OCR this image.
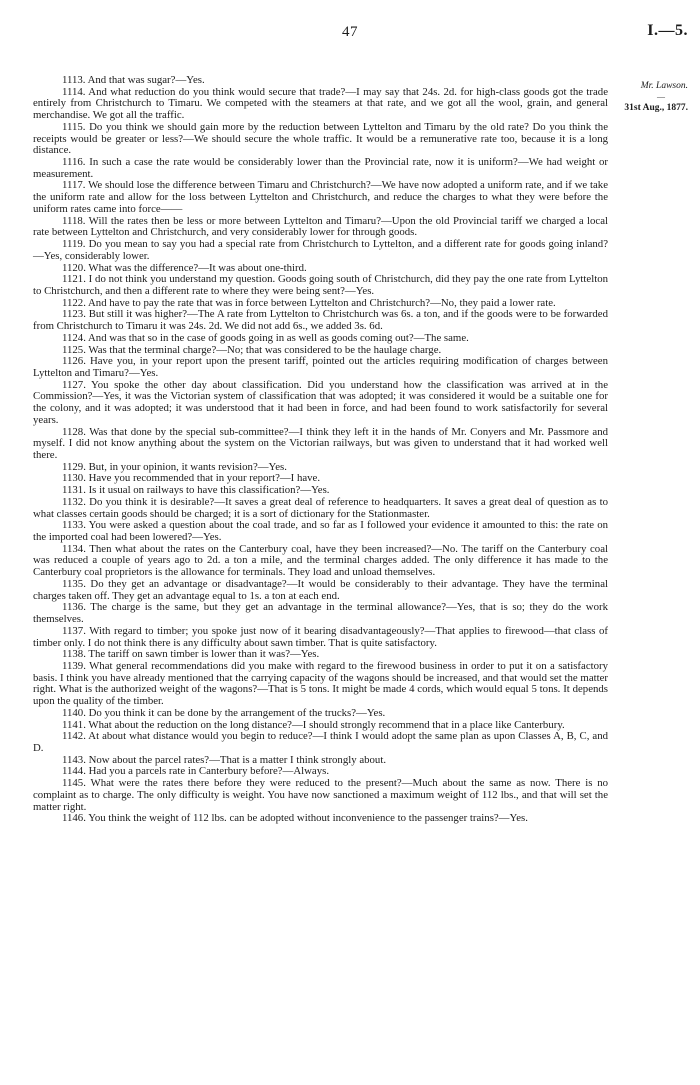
47	I.—5.
Mr. Lawson.
—
31st Aug., 1877.

1113. And that was sugar?—Yes.

1114. And what reduction do you think would secure that trade?—I may say that 24s. 2d. for high-class goods got the trade entirely from Christchurch to Timaru. We competed with the steamers at that rate, and we got all the wool, grain, and general merchandise. We got all the traffic.

1115. Do you think we should gain more by the reduction between Lyttelton and Timaru by the old rate? Do you think the receipts would be greater or less?—We should secure the whole traffic. It would be a remunerative rate too, because it is a long distance.

1116. In such a case the rate would be considerably lower than the Provincial rate, now it is uniform?—We had weight or measurement.

1117. We should lose the difference between Timaru and Christchurch?—We have now adopted a uniform rate, and if we take the uniform rate and allow for the loss between Lyttelton and Christchurch, and reduce the charges to what they were before the uniform rates came into force——

1118. Will the rates then be less or more between Lyttelton and Timaru?—Upon the old Provincial tariff we charged a local rate between Lyttelton and Christchurch, and very considerably lower for through goods.

1119. Do you mean to say you had a special rate from Christchurch to Lyttelton, and a different rate for goods going inland?—Yes, considerably lower.

1120. What was the difference?—It was about one-third.

1121. I do not think you understand my question. Goods going south of Christchurch, did they pay the one rate from Lyttelton to Christchurch, and then a different rate to where they were being sent?—Yes.

1122. And have to pay the rate that was in force between Lyttelton and Christchurch?—No, they paid a lower rate.

1123. But still it was higher?—The A rate from Lyttelton to Christchurch was 6s. a ton, and if the goods were to be forwarded from Christchurch to Timaru it was 24s. 2d. We did not add 6s., we added 3s. 6d.

1124. And was that so in the case of goods going in as well as goods coming out?—The same.

1125. Was that the terminal charge?—No; that was considered to be the haulage charge.

1126. Have you, in your report upon the present tariff, pointed out the articles requiring modification of charges between Lyttelton and Timaru?—Yes.

1127. You spoke the other day about classification. Did you understand how the classification was arrived at in the Commission?—Yes, it was the Victorian system of classification that was adopted; it was considered it would be a suitable one for the colony, and it was adopted; it was understood that it had been in force, and had been found to work satisfactorily for several years.

1128. Was that done by the special sub-committee?—I think they left it in the hands of Mr. Conyers and Mr. Passmore and myself. I did not know anything about the system on the Victorian railways, but was given to understand that it had worked well there.

1129. But, in your opinion, it wants revision?—Yes.

1130. Have you recommended that in your report?—I have.

1131. Is it usual on railways to have this classification?—Yes.

1132. Do you think it is desirable?—It saves a great deal of reference to headquarters. It saves a great deal of question as to what classes certain goods should be charged; it is a sort of dictionary for the Stationmaster.

1133. You were asked a question about the coal trade, and so far as I followed your evidence it amounted to this: the rate on the imported coal had been lowered?—Yes.

1134. Then what about the rates on the Canterbury coal, have they been increased?—No. The tariff on the Canterbury coal was reduced a couple of years ago to 2d. a ton a mile, and the terminal charges added. The only difference it has made to the Canterbury coal proprietors is the allowance for terminals. They load and unload themselves.

1135. Do they get an advantage or disadvantage?—It would be considerably to their advantage. They have the terminal charges taken off. They get an advantage equal to 1s. a ton at each end.

1136. The charge is the same, but they get an advantage in the terminal allowance?—Yes, that is so; they do the work themselves.

1137. With regard to timber; you spoke just now of it bearing disadvantageously?—That applies to firewood—that class of timber only. I do not think there is any difficulty about sawn timber. That is quite satisfactory.

1138. The tariff on sawn timber is lower than it was?—Yes.

1139. What general recommendations did you make with regard to the firewood business in order to put it on a satisfactory basis. I think you have already mentioned that the carrying capacity of the wagons should be increased, and that would set the matter right. What is the authorized weight of the wagons?—That is 5 tons. It might be made 4 cords, which would equal 5 tons. It depends upon the quality of the timber.

1140. Do you think it can be done by the arrangement of the trucks?—Yes.

1141. What about the reduction on the long distance?—I should strongly recommend that in a place like Canterbury.

1142. At about what distance would you begin to reduce?—I think I would adopt the same plan as upon Classes A, B, C, and D.

1143. Now about the parcel rates?—That is a matter I think strongly about.

1144. Had you a parcels rate in Canterbury before?—Always.

1145. What were the rates there before they were reduced to the present?—Much about the same as now. There is no complaint as to charge. The only difficulty is weight. You have now sanctioned a maximum weight of 112 lbs., and that will set the matter right.

1146. You think the weight of 112 lbs. can be adopted without inconvenience to the passenger trains?—Yes.
